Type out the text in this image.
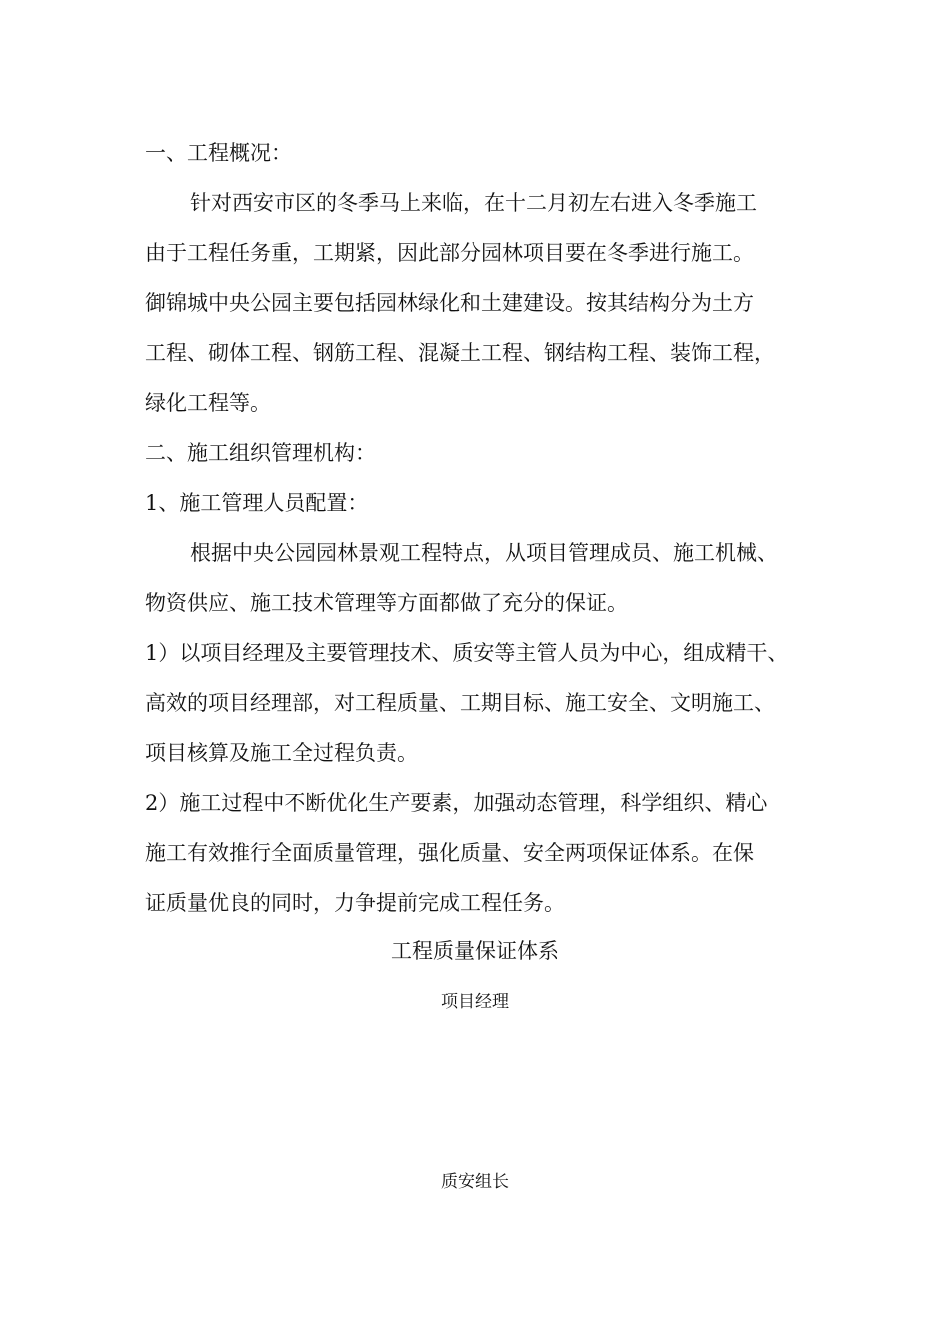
一、工程概况：
针对西安市区的冬季马上来临，在十二月初左右进入冬季施工
由于工程任务重，工期紧，因此部分园林项目要在冬季进行施工。
御锦城中央公园主要包括园林绿化和土建建设。按其结构分为土方
工程、砌体工程、钢筋工程、混凝土工程、钢结构工程、装饰工程，
绿化工程等。
二、施工组织管理机构：
1、施工管理人员配置：
根据中央公园园林景观工程特点，从项目管理成员、施工机械、
物资供应、施工技术管理等方面都做了充分的保证。
1）以项目经理及主要管理技术、质安等主管人员为中心，组成精干、
高效的项目经理部，对工程质量、工期目标、施工安全、文明施工、
项目核算及施工全过程负责。
2）施工过程中不断优化生产要素，加强动态管理，科学组织、精心
施工有效推行全面质量管理，强化质量、安全两项保证体系。在保
证质量优良的同时，力争提前完成工程任务。
工程质量保证体系
项目经理
质安组长
